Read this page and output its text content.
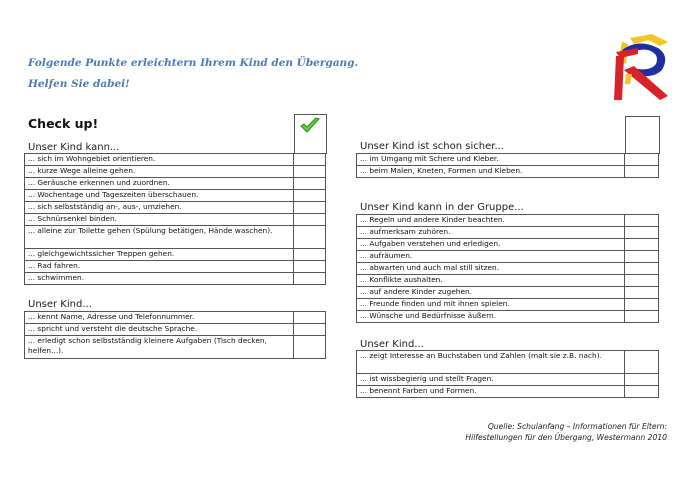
Folgende Punkte erleichtern Ihrem Kind den Übergang.
Helfen Sie dabei!
Check up!
Unser Kind kann...
... sich im Wohngebiet orientieren.	
... kurze Wege alleine gehen.	
... Geräusche erkennen und zuordnen.	
... Wochentage und Tageszeiten überschauen.	
... sich selbstständig an-, aus-, umziehen.	
... Schnürsenkel binden.	
... alleine zur Toilette gehen (Spülung betätigen, Hände waschen).	
... gleichgewichtssicher Treppen gehen.	
... Rad fahren.	
... schwimmen.	
Unser Kind...
... kennt Name, Adresse und Telefonnummer.	
... spricht und versteht die deutsche Sprache.	
... erledigt schon selbstständig kleinere Aufgaben (Tisch decken, helfen...).	
Unser Kind ist schon sicher...
... im Umgang mit Schere und Kleber.	
... beim Malen, Kneten, Formen und Kleben.	
Unser Kind kann in der Gruppe...
... Regeln und andere Kinder beachten.	
... aufmerksam zuhören.	
... Aufgaben verstehen und erledigen.	
... aufräumen.	
... abwarten und auch mal still sitzen.	
... Konflikte aushalten.	
... auf andere Kinder zugehen.	
... Freunde finden und mit ihnen spielen.	
... Wünsche und Bedürfnisse äußern.	
Unser Kind...
... zeigt Interesse an Buchstaben und Zahlen (malt sie z.B. nach).	
... ist wissbegierig und stellt Fragen.	
... benennt Farben und Formen.	
Quelle: Schulanfang – Informationen für Eltern:
Hilfestellungen für den Übergang, Westermann 2010
